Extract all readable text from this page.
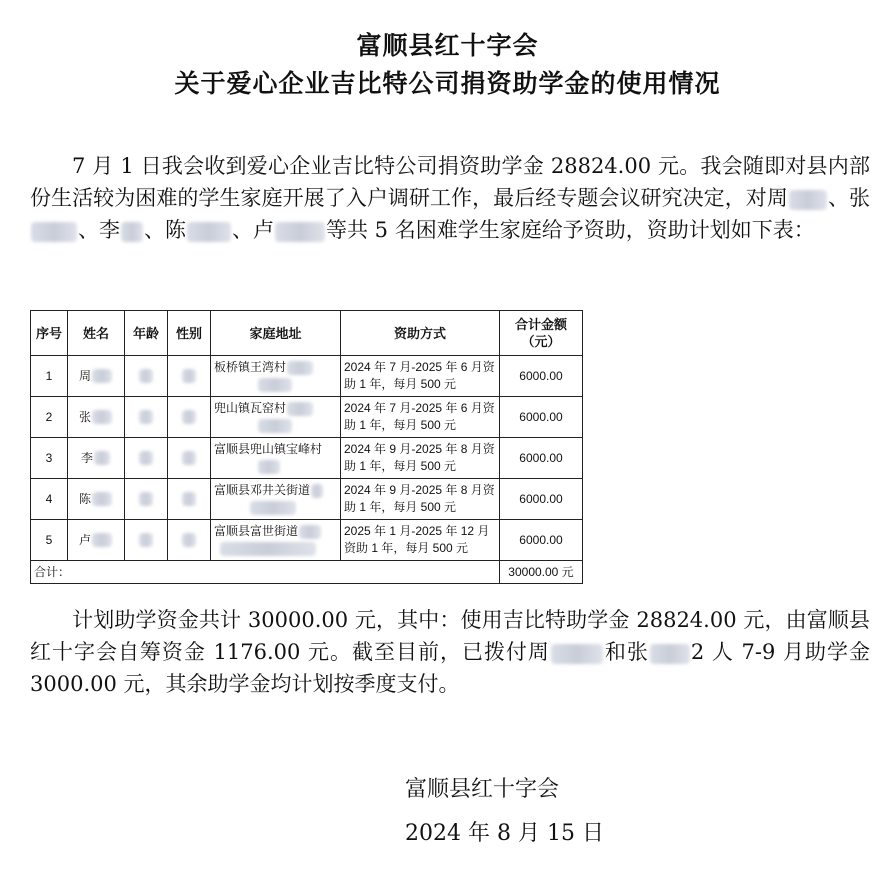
富顺县红十字会
关于爱心企业吉比特公司捐资助学金的使用情况
7 月 1 日我会收到爱心企业吉比特公司捐资助学金 28824.00 元。我会随即对县内部份生活较为困难的学生家庭开展了入户调研工作，最后经专题会议研究决定，对周 、张、李 、陈 、卢 等共 5 名困难学生家庭给予资助，资助计划如下表：
序号	姓名	年龄	性别	家庭地址	资助方式	合计金额（元）
1	周			板桥镇王湾村	2024 年 7 月-2025 年 6 月资助 1 年，每月 500 元	6000.00
2	张			兜山镇瓦窑村	2024 年 7 月-2025 年 6 月资助 1 年，每月 500 元	6000.00
3	李			富顺县兜山镇宝峰村	2024 年 9 月-2025 年 8 月资助 1 年，每月 500 元	6000.00
4	陈			富顺县邓井关街道	2024 年 9 月-2025 年 8 月资助 1 年，每月 500 元	6000.00
5	卢			富顺县富世街道	2025 年 1 月-2025 年 12 月资助 1 年，每月 500 元	6000.00
合计：						30000.00 元
计划助学资金共计 30000.00 元，其中：使用吉比特助学金 28824.00 元，由富顺县红十字会自筹资金 1176.00 元。截至目前，已拨付周	和张 2 人 7-9 月助学金 3000.00 元，其余助学金均计划按季度支付。
富顺县红十字会
2024 年 8 月 15 日
